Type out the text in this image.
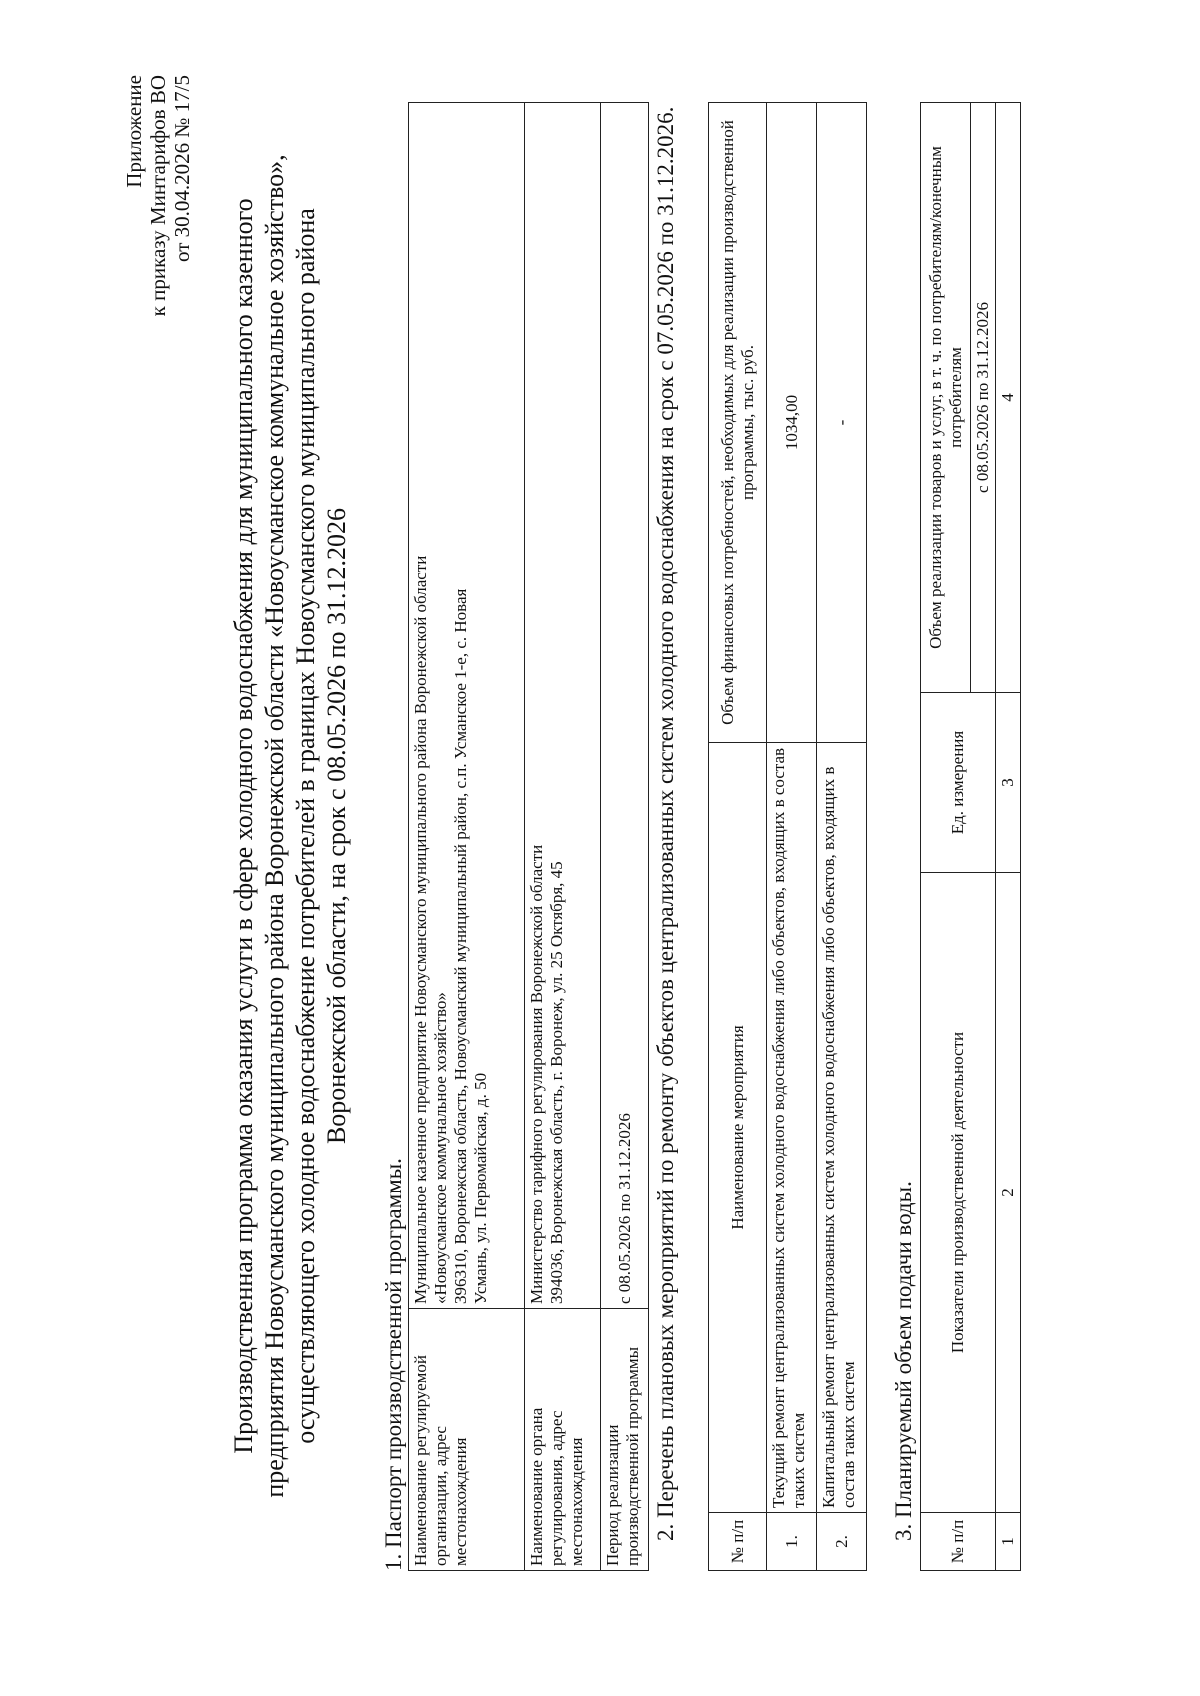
Приложение к приказу Минтарифов ВО от 30.04.2026 № 17/5
Производственная программа оказания услуги в сфере холодного водоснабжения для муниципального казенного предприятия Новоусманского муниципального района Воронежской области «Новоусманское коммунальное хозяйство», осуществляющего холодное водоснабжение потребителей в границах Новоусманского муниципального района Воронежской области, на срок с 08.05.2026 по 31.12.2026
1. Паспорт производственной программы. Наименование регулируемой организации, адрес местонахождения	Муниципальное казенное предприятие Новоусманского муниципального района Воронежской области «Новоусманское коммунальное хозяйство» 396310, Воронежская область, Новоусманский муниципальный район, с.п. Усманское 1-е, с. Новая Усмань, ул. Первомайская, д. 50

Наименование органа регулирования, адрес местонахождения	Министерство тарифного регулирования Воронежской области 394036, Воронежская область, г. Воронеж, ул. 25 Октября, 45

Период реализации производственной программы	с 08.05.2026 по 31.12.2026 2. Перечень плановых мероприятий по ремонту объектов централизованных систем холодного водоснабжения на срок с 07.05.2026 по 31.12.2026.
№ п/п	Наименование мероприятия	Объем финансовых потребностей, необходимых для реализации производственной программы, тыс. руб.
1.	Текущий ремонт централизованных систем холодного водоснабжения либо объектов, входящих в состав таких систем	1034,00
2.	Капитальный ремонт централизованных систем холодного водоснабжения либо объектов, входящих в состав таких систем	-
3. Планируемый объем подачи воды.
№ п/п	Показатели производственной деятельности	Ед. измерения	Объем реализации товаров и услуг, в т. ч. по потребителям/конечным потребителям
			с 08.05.2026 по 31.12.2026
1	2	3	4
